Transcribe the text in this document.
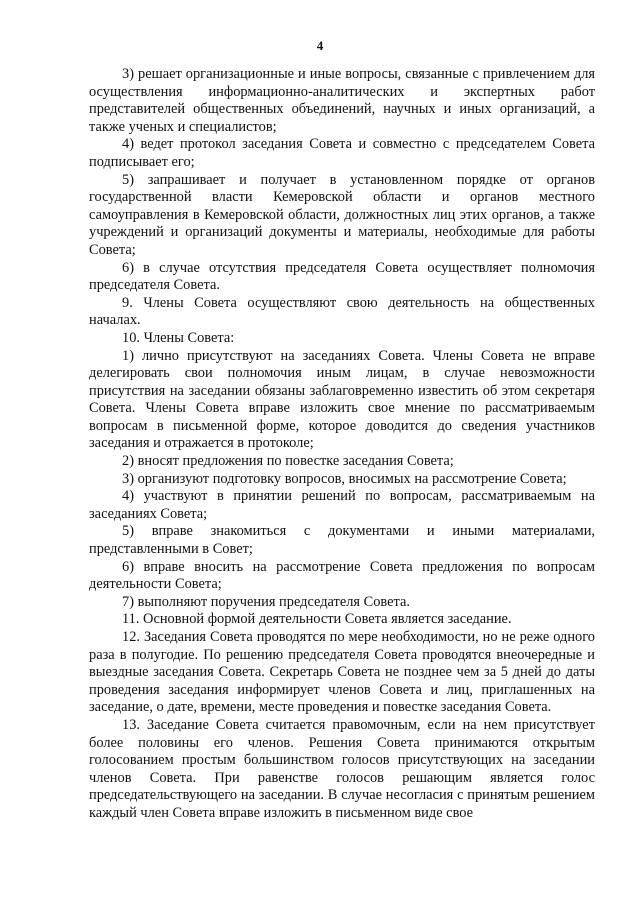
4

3) решает организационные и иные вопросы, связанные с привлечением для осуществления информационно-аналитических и экспертных работ представителей общественных объединений, научных и иных организаций, а также ученых и специалистов;

4) ведет протокол заседания Совета и совместно с председателем Совета подписывает его;

5) запрашивает и получает в установленном порядке от органов государственной власти Кемеровской области и органов местного самоуправления в Кемеровской области, должностных лиц этих органов, а также учреждений и организаций документы и материалы, необходимые для работы Совета;

6) в случае отсутствия председателя Совета осуществляет полномочия председателя Совета.

9. Члены Совета осуществляют свою деятельность на общественных началах.

10. Члены Совета:

1) лично присутствуют на заседаниях Совета. Члены Совета не вправе делегировать свои полномочия иным лицам, в случае невозможности присутствия на заседании обязаны заблаговременно известить об этом секретаря Совета. Члены Совета вправе изложить свое мнение по рассматриваемым вопросам в письменной форме, которое доводится до сведения участников заседания и отражается в протоколе;

2) вносят предложения по повестке заседания Совета;

3) организуют подготовку вопросов, вносимых на рассмотрение Совета;

4) участвуют в принятии решений по вопросам, рассматриваемым на заседаниях Совета;

5) вправе знакомиться с документами и иными материалами, представленными в Совет;

6) вправе вносить на рассмотрение Совета предложения по вопросам деятельности Совета;

7) выполняют поручения председателя Совета.

11. Основной формой деятельности Совета является заседание.

12. Заседания Совета проводятся по мере необходимости, но не реже одного раза в полугодие. По решению председателя Совета проводятся внеочередные и выездные заседания Совета. Секретарь Совета не позднее чем за 5 дней до даты проведения заседания информирует членов Совета и лиц, приглашенных на заседание, о дате, времени, месте проведения и повестке заседания Совета.

13. Заседание Совета считается правомочным, если на нем присутствует более половины его членов. Решения Совета принимаются открытым голосованием простым большинством голосов присутствующих на заседании членов Совета. При равенстве голосов решающим является голос председательствующего на заседании. В случае несогласия с принятым решением каждый член Совета вправе изложить в письменном виде свое
